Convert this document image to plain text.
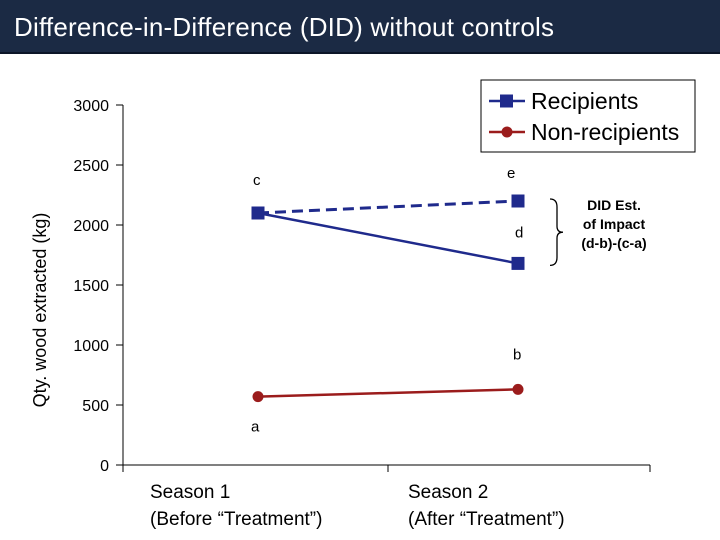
Difference-in-Difference (DID) without controls
0
500
1000
1500
2000
2500
3000
Qty. wood extracted (kg)
Season 1
(Before “Treatment”)
Season 2
(After “Treatment”)
a
b
c
d
e
DID Est.
of Impact
(d-b)-(c-a)
Recipients
Non-recipients
